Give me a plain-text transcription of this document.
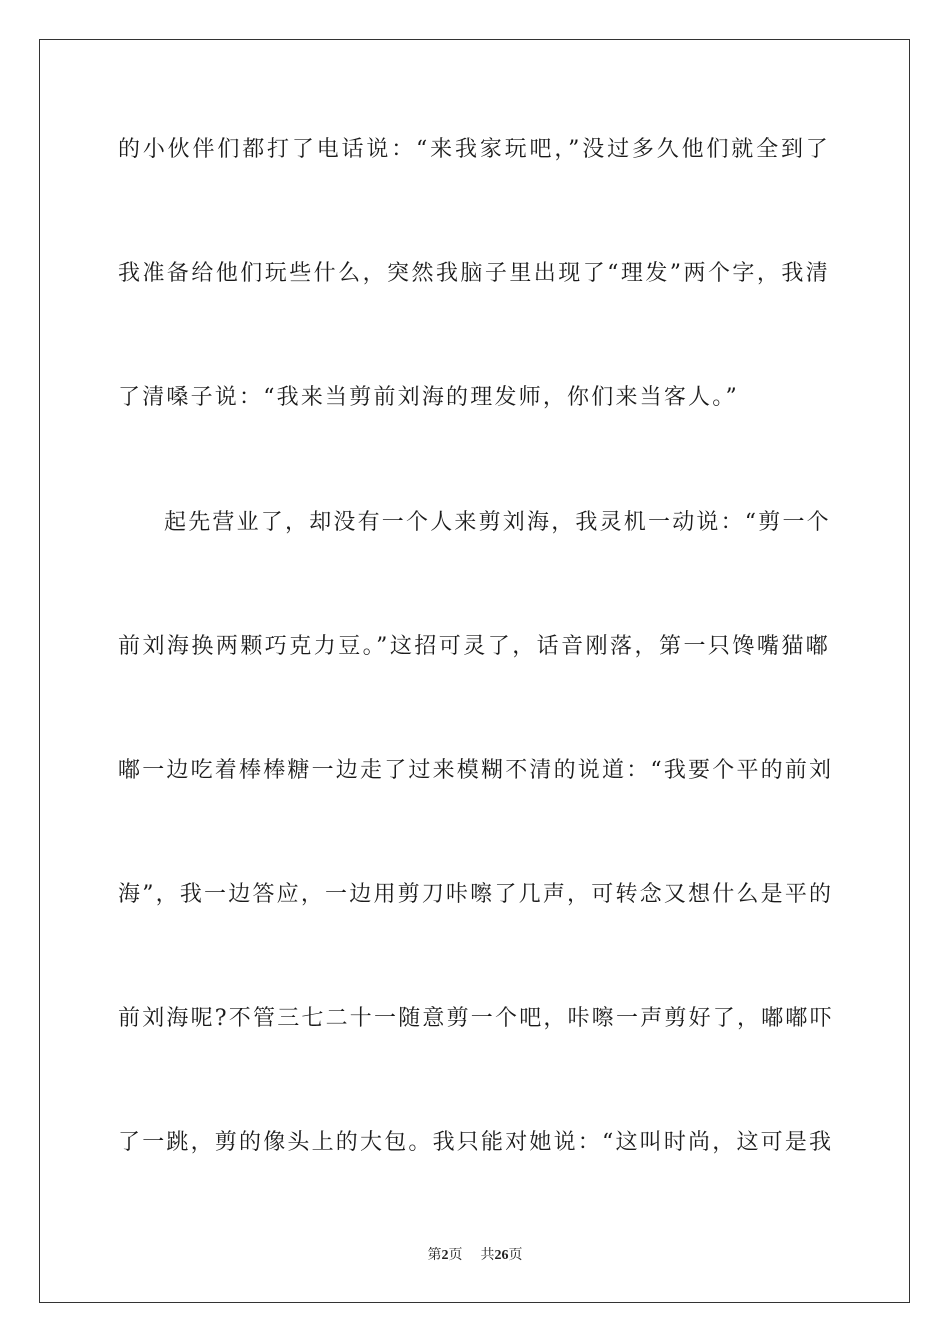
的小伙伴们都打了电话说：“来我家玩吧，”没过多久他们就全到了
我准备给他们玩些什么，突然我脑子里出现了“理发”两个字，我清
了清嗓子说：“我来当剪前刘海的理发师，你们来当客人。”
起先营业了，却没有一个人来剪刘海，我灵机一动说：“剪一个
前刘海换两颗巧克力豆。”这招可灵了，话音刚落，第一只馋嘴猫嘟
嘟一边吃着棒棒糖一边走了过来模糊不清的说道：“我要个平的前刘
海”，我一边答应，一边用剪刀咔嚓了几声，可转念又想什么是平的
前刘海呢?不管三七二十一随意剪一个吧，咔嚓一声剪好了，嘟嘟吓
了一跳，剪的像头上的大包。我只能对她说：“这叫时尚，这可是我
第2页 共26页
